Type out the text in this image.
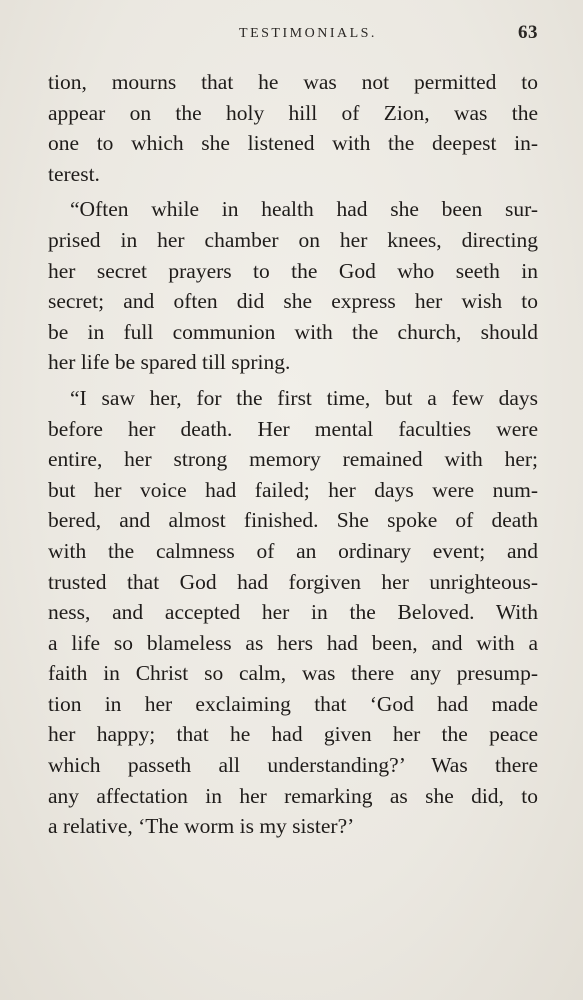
TESTIMONIALS.	63

tion, mourns that he was not permitted to
appear on the holy hill of Zion, was the
one to which she listened with the deepest in-
terest.

“Often while in health had she been sur-
prised in her chamber on her knees, directing
her secret prayers to the God who seeth in
secret; and often did she express her wish to
be in full communion with the church, should
her life be spared till spring.

“I saw her, for the first time, but a few days
before her death. Her mental faculties were
entire, her strong memory remained with her;
but her voice had failed; her days were num-
bered, and almost finished. She spoke of death
with the calmness of an ordinary event; and
trusted that God had forgiven her unrighteous-
ness, and accepted her in the Beloved. With
a life so blameless as hers had been, and with a
faith in Christ so calm, was there any presump-
tion in her exclaiming that ‘God had made
her happy; that he had given her the peace
which passeth all understanding?’ Was there
any affectation in her remarking as she did, to
a relative, ‘The worm is my sister?’
